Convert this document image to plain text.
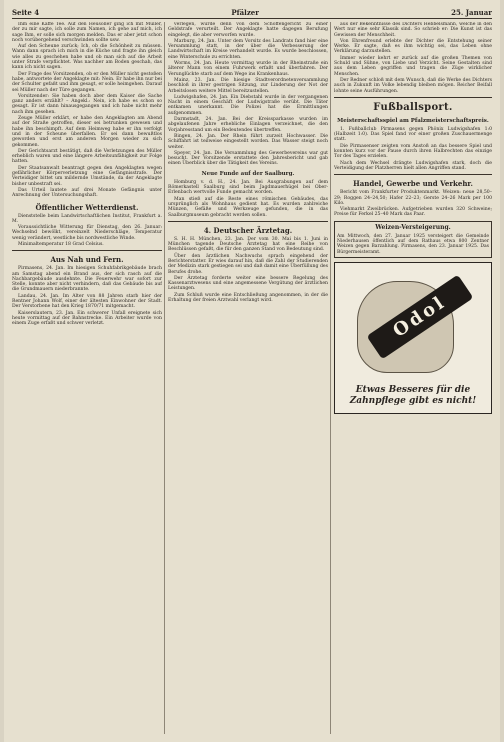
Seite 4	Pfälzer	25. Januar

Ihm eine Kaffe Tee. Auf den Heusöller ging ich mit Müller, der zu mir sagte, ich solle zum Namen, ich gehe auf mich, ich sage Ihm, er solle sich morgen melden. Das er aber jetzt schon noch vorübergehend verschwinden sollte usw.

Auf den Scheune zurück; Ich, ob die Schönheit zu müssen. Wann dann sprach ich mich in die Küche und fragte ihn gleich wie alles zu geschehen habe und ob man sich auf die Arbeit unter Strafe verpflichtet. Was nachher am Boden geschah, das kann ich nicht sagen.

Der Frage des Vorsitzenden, ob er den Müller nicht gestoßen habe, antwortete der Angeklagte mit: Nein. Er habe ihn nur bei der Schulter gefaßt und ihm gesagt, er solle heimgehen. Darauf sei Müller nach der Türe gegangen.

Vorsitzender: Sie haben doch aber dem Kaiser die Sache ganz anders erzählt? – Angekl.: Nein, ich habe es schon so gesagt. Er ist dann hinausgegangen und ich habe nicht mehr nach ihm gesehen.

Zeuge Müller erklärt, er habe den Angeklagten am Abend auf der Straße getroffen, dieser sei betrunken gewesen und habe ihn beschimpft. Auf dem Heimweg habe er ihn verfolgt und in der Scheune überfallen. Er sei dann bewußtlos geworden und erst am anderen Morgen wieder zu sich gekommen.

Der Gerichtsarzt bestätigt, daß die Verletzungen des Müller erheblich waren und eine längere Arbeitsunfähigkeit zur Folge hatten.

Der Staatsanwalt beantragt gegen den Angeklagten wegen gefährlicher Körperverletzung eine Gefängnisstrafe. Der Verteidiger bittet um mildernde Umstände, da der Angeklagte bisher unbestraft sei.

Das Urteil lautete auf drei Monate Gefängnis unter Anrechnung der Untersuchungshaft.

Öffentlicher Wetterdienst.

Dienststelle beim Landwirtschaftlichen Institut, Frankfurt a. M.

Voraussichtliche Witterung für Dienstag, den 26. Januar: Wechselnd bewölkt, vereinzelt Niederschläge, Temperatur wenig verändert, westliche bis nordwestliche Winde.

Minimaltemperatur 18 Grad Celsius.

Aus Nah und Fern.

Pirmasens, 24. Jan. Im hiesigen Schuhfabrikgebäude brach am Samstag abend ein Brand aus, der sich rasch auf die Nachbargebäude ausdehnte. Die Feuerwehr war sofort zur Stelle, konnte aber nicht verhindern, daß das Gebäude bis auf die Grundmauern niederbrannte.

Landau, 24. Jan. Im Alter von 88 Jahren starb hier der Rentner Johann Wolf, einer der ältesten Einwohner der Stadt. Der Verstorbene hat den Krieg 1870/71 mitgemacht.

Kaiserslautern, 23. Jan. Ein schwerer Unfall ereignete sich heute vormittag auf der Bahnstrecke. Ein Arbeiter wurde von einem Zuge erfaßt und schwer verletzt.

verlegen, wurde denn von dem Schöffengericht zu einer Geldstrafe verurteilt. Der Angeklagte hatte dagegen Berufung eingelegt, die aber verworfen wurde.

Marburg, 24. Jan. Unter dem Vorsitz des Landrats fand hier eine Versammlung statt, in der über die Verbesserung der Landwirtschaft im Kreise verhandelt wurde. Es wurde beschlossen, eine Winterschule zu errichten.

Worms, 24. Jan. Heute vormittag wurde in der Rheinstraße ein älterer Mann von einem Fuhrwerk erfaßt und überfahren. Der Verunglückte starb auf dem Wege ins Krankenhaus.

Mainz, 23. Jan. Die hiesige Stadtverordnetenversammlung beschloß in ihrer gestrigen Sitzung, zur Linderung der Not der Arbeitslosen weitere Mittel bereitzustellen.

Ludwigshafen, 24. Jan. Ein Diebstahl wurde in der vergangenen Nacht in einem Geschäft der Ludwigstraße verübt. Die Täter entkamen unerkannt. Die Polizei hat die Ermittlungen aufgenommen.

Darmstadt, 24. Jan. Bei der Kreissparkasse wurden im abgelaufenen Jahre erhebliche Einlagen verzeichnet, die den Vorjahresstand um ein Bedeutendes übertreffen.

Bingen, 24. Jan. Der Rhein führt zurzeit Hochwasser. Die Schiffahrt ist teilweise eingestellt worden. Das Wasser steigt noch weiter.

Speyer, 24. Jan. Die Versammlung des Gewerbevereins war gut besucht. Der Vorsitzende erstattete den Jahresbericht und gab einen Überblick über die Tätigkeit des Vereins.

Neue Funde auf der Saalburg.

Homburg v. d. H., 24. Jan. Bei Ausgrabungen auf dem Römerkastell Saalburg sind beim Jagdmauerhügel bei Ober-Erlenbach wertvolle Funde gemacht worden.

Man stieß auf die Reste eines römischen Gebäudes, das ursprünglich als Wohnhaus gedient hat. Es wurden zahlreiche Münzen, Gefäße und Werkzeuge gefunden, die in das Saalburgmuseum gebracht werden sollen.

4. Deutscher Ärztetag.

S. H. H. München, 23. Jan. Der vom 30. Mai bis 1. Juni in München tagende Deutsche Ärztetag hat eine Reihe von Beschlüssen gefaßt, die für den ganzen Stand von Bedeutung sind.

Über den ärztlichen Nachwuchs sprach eingehend der Berichterstatter. Er wies darauf hin, daß die Zahl der Studierenden der Medizin stark gestiegen sei und daß damit eine Überfüllung des Berufes drohe.

Der Ärztetag forderte weiter eine bessere Regelung des Kassenarztwesens und eine angemessene Vergütung der ärztlichen Leistungen.

Zum Schluß wurde eine Entschließung angenommen, in der die Erhaltung der freien Arztwahl verlangt wird.

aus der Bekenntnisse des Dichters Hebbelsmann, welche in den Wert nur eine sehr Klassik sind. So schrieb er: Die Kunst ist das Gewissen der Menschheit.

Von Ehrenfreund erlebte der Dichter die Entstehung seiner Werke. Er sagte, daß es ihm wichtig sei, das Leben ohne Verklärung darzustellen.

Immer wieder kehrt er zurück auf die großen Themen von Schuld und Sühne, von Liebe und Verzicht. Seine Gestalten sind aus dem Leben gegriffen und tragen die Züge wirklicher Menschen.

Der Redner schloß mit dem Wunsch, daß die Werke des Dichters auch in Zukunft im Volke lebendig bleiben mögen. Reicher Beifall lohnte seine Ausführungen.

Fußballsport.
Meisterschaftsspiel am Pfalzmeisterschaftspreis.

1. Fußballclub Pirmasens gegen Phönix Ludwigshafen 1:0 (Halbzeit 1:0). Das Spiel fand vor einer großen Zuschauermenge statt.

Die Pirmasenser zeigten vom Anstoß an das bessere Spiel und konnten kurz vor der Pause durch ihren Halbrechten das einzige Tor des Tages erzielen.

Nach dem Wechsel drängte Ludwigshafen stark, doch die Verteidigung der Platzherren hielt allen Angriffen stand.

Handel, Gewerbe und Verkehr.

Bericht vom Frankfurter Produktenmarkt. Weizen: neue 28,50–29; Roggen 24–24,50; Hafer 22–23; Gerste 24–26 Mark per 100 Kilo.

Viehmarkt Zweibrücken. Aufgetrieben wurden 320 Schweine; Preise für Ferkel 25–40 Mark das Paar.

Weizen-Versteigerung.
Am Mittwoch, den 27. Januar 1925 versteigert die Gemeinde Niederhausen öffentlich auf dem Rathaus etwa 800 Zentner Weizen gegen Barzahlung. Pirmasens, den 23. Januar 1925. Das Bürgermeisteramt.
Odol
Etwas Besseres für die Zahnpflege gibt es nicht!
